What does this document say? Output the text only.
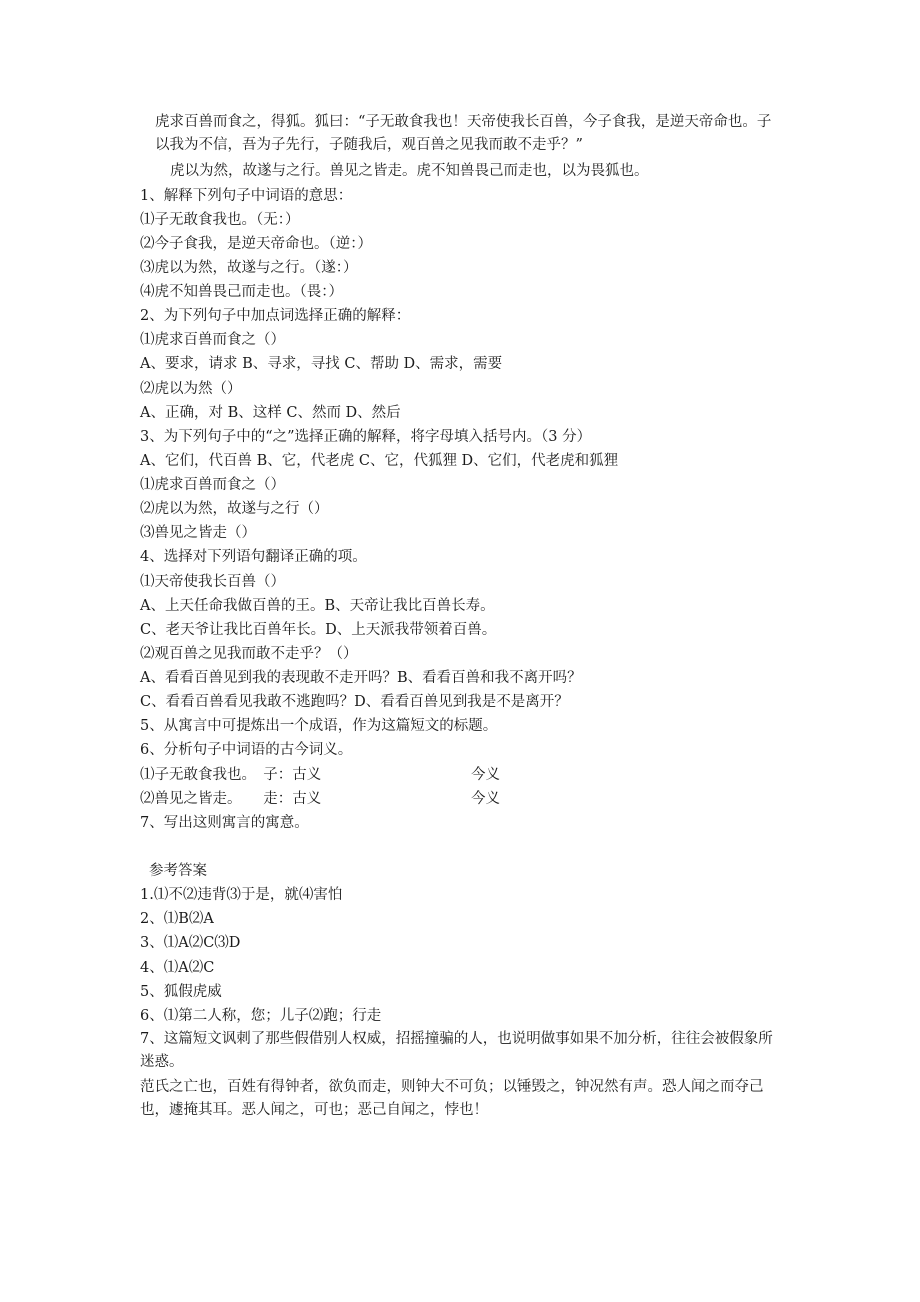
虎求百兽而食之，得狐。狐曰：“子无敢食我也！天帝使我长百兽，今子食我，是逆天帝命也。子以我为不信，吾为子先行，子随我后，观百兽之见我而敢不走乎？”
虎以为然，故遂与之行。兽见之皆走。虎不知兽畏己而走也，以为畏狐也。
1、解释下列句子中词语的意思：
⑴子无敢食我也。（无：）
⑵今子食我，是逆天帝命也。（逆：）
⑶虎以为然，故遂与之行。（遂：）
⑷虎不知兽畏己而走也。（畏：）
2、为下列句子中加点词选择正确的解释：
⑴虎求百兽而食之（）
A、要求，请求 B、寻求，寻找 C、帮助 D、需求，需要
⑵虎以为然（）
A、正确，对 B、这样 C、然而 D、然后
3、为下列句子中的“之”选择正确的解释，将字母填入括号内。（3 分）
A、它们，代百兽 B、它，代老虎 C、它，代狐狸 D、它们，代老虎和狐狸
⑴虎求百兽而食之（）
⑵虎以为然，故遂与之行（）
⑶兽见之皆走（）
4、选择对下列语句翻译正确的项。
⑴天帝使我长百兽（）
A、上天任命我做百兽的王。B、天帝让我比百兽长寿。
C、老天爷让我比百兽年长。D、上天派我带领着百兽。
⑵观百兽之见我而敢不走乎？（）
A、看看百兽见到我的表现敢不走开吗？B、看看百兽和我不离开吗？
C、看看百兽看见我敢不逃跑吗？D、看看百兽见到我是不是离开？
5、从寓言中可提炼出一个成语，作为这篇短文的标题。
6、分析句子中词语的古今词义。
⑴子无敢食我也。　子：古义	今义
⑵兽见之皆走。　　走：古义	今义
7、写出这则寓言的寓意。
参考答案
1.⑴不⑵违背⑶于是，就⑷害怕
2、⑴B⑵A
3、⑴A⑵C⑶D
4、⑴A⑵C
5、狐假虎威
6、⑴第二人称，您；儿子⑵跑；行走
7、这篇短文讽刺了那些假借别人权威，招摇撞骗的人，也说明做事如果不加分析，往往会被假象所迷惑。
范氏之亡也，百姓有得钟者，欲负而走，则钟大不可负；以锤毁之，钟况然有声。恐人闻之而夺己也，遽掩其耳。恶人闻之，可也；恶己自闻之，悖也！
